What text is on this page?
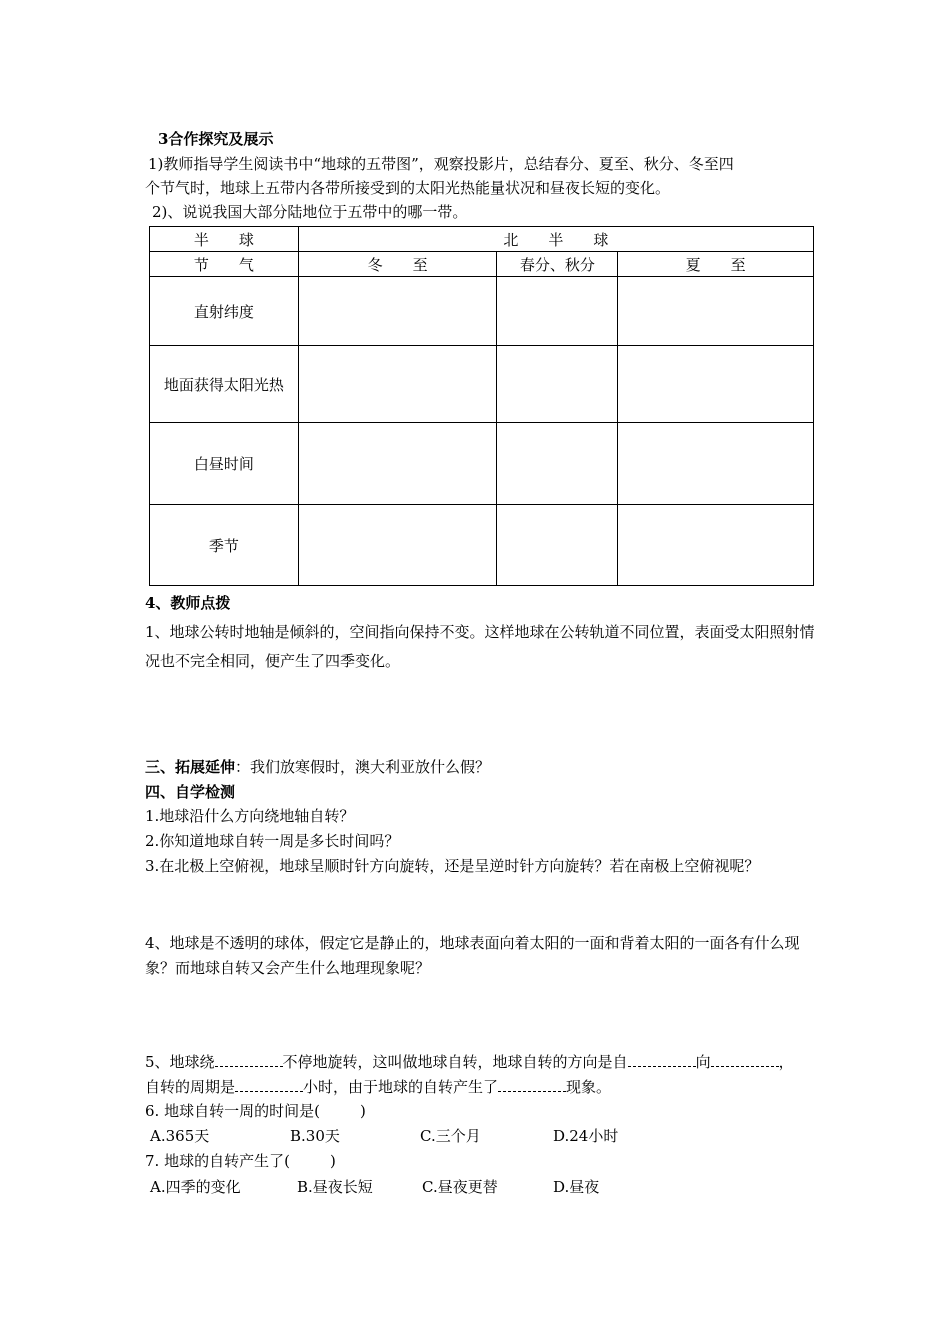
3合作探究及展示
1)教师指导学生阅读书中“地球的五带图”，观察投影片，总结春分、夏至、秋分、冬至四
个节气时，地球上五带内各带所接受到的太阳光热能量状况和昼夜长短的变化。
2)、说说我国大部分陆地位于五带中的哪一带。
半　　球	北　　半　　球		
节　　气	冬　　至	春分、秋分	夏　　至
直射纬度			
地面获得太阳光热			
白昼时间			
季节			
4、教师点拨
1、地球公转时地轴是倾斜的，空间指向保持不变。这样地球在公转轨道不同位置，表面受太阳照射情况也不完全相同，便产生了四季变化。
三、拓展延伸：我们放寒假时，澳大利亚放什么假？
四、自学检测
1.地球沿什么方向绕地轴自转？
2.你知道地球自转一周是多长时间吗？
3.在北极上空俯视，地球呈顺时针方向旋转，还是呈逆时针方向旋转？若在南极上空俯视呢？
4、地球是不透明的球体，假定它是静止的，地球表面向着太阳的一面和背着太阳的一面各有什么现象？而地球自转又会产生什么地理现象呢？
5、地球绕	不停地旋转，这叫做地球自转，地球自转的方向是自	向	，
自转的周期是	小时，由于地球的自转产生了	现象。
6. 地球自转一周的时间是(	)
A.365天	B.30天	C.三个月	D.24小时
7. 地球的自转产生了(	)
A.四季的变化	B.昼夜长短	C.昼夜更替	D.昼夜
